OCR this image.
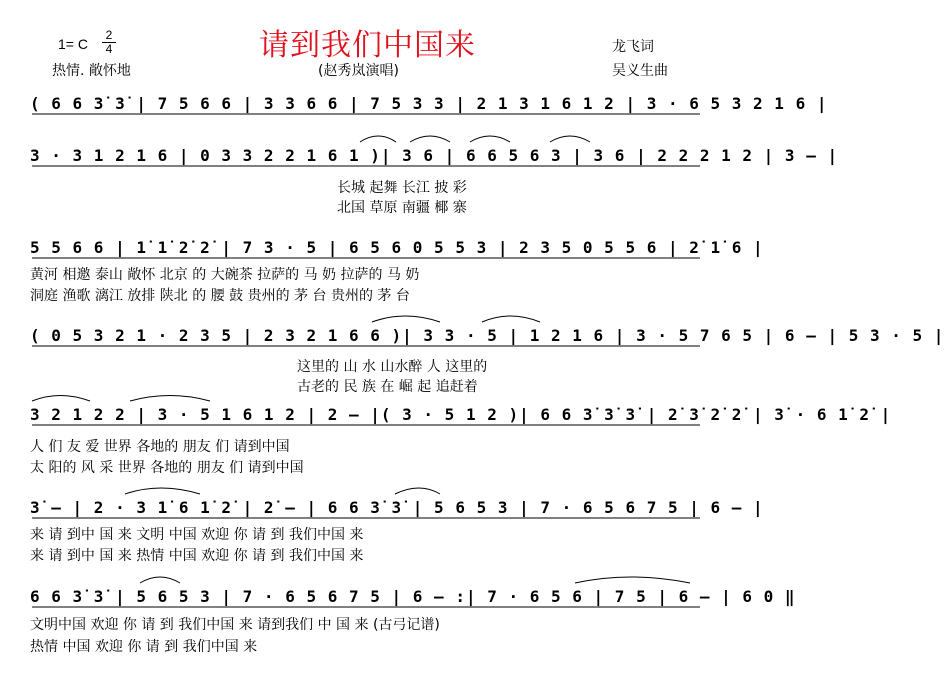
请到我们中国来
1= C
2
4
热情. 敞怀地	(赵秀岚演唱)
龙飞词
吴义生曲
( 6 6 3̇ 3̇ | 7 5 6 6 | 3 3 6 6 | 7 5 3 3 | 2 1 3 1 6 1 2 | 3 · 6 5 3 2 1 6 |
3 · 3 1 2 1 6 | 0 3 3 2 2 1 6 1 )| 3 6 | 6 6 5 6 3 | 3 6 | 2 2 2 1 2 | 3 – |
长城 起舞 长江 披 彩
北国 草原 南疆 椰 寨
5 5 6 6 | 1̇ 1̇ 2̇ 2̇ | 7 3 · 5 | 6 5 6 0 5 5 3 | 2 3 5 0 5 5 6 | 2̇ 1̇ 6 |
黄河 相邀 泰山 敞怀 北京 的 大碗茶 拉萨的 马 奶 拉萨的 马 奶
洞庭 渔歌 漓江 放排 陕北 的 腰 鼓 贵州的 茅 台 贵州的 茅 台
( 0 5 3 2 1 · 2 3 5 | 2 3 2 1 6 6 )| 3 3 · 5 | 1 2 1 6 | 3 · 5 7 6 5 | 6 – | 5 3 · 5 |
这里的 山 水 山水醉 人 这里的
古老的 民 族 在 崛 起 追赶着
3 2 1 2 2 | 3 · 5 1 6 1 2 | 2 – |( 3 · 5 1 2 )| 6 6 3̇ 3̇ 3̇ | 2̇ 3̇ 2̇ 2̇ | 3̇ · 6 1̇ 2̇ |
人 们 友 爱 世界 各地的 朋友 们 请到中国
太 阳的 风 采 世界 各地的 朋友 们 请到中国
3̇ – | 2 · 3 1̇ 6 1̇ 2̇ | 2̇ – | 6 6 3̇ 3̇ | 5 6 5 3 | 7 · 6 5 6 7 5 | 6 – |
来 请 到中 国 来 文明 中国 欢迎 你 请 到 我们中国 来
来 请 到中 国 来 热情 中国 欢迎 你 请 到 我们中国 来
6 6 3̇ 3̇ | 5 6 5 3 | 7 · 6 5 6 7 5 | 6 – :| 7 · 6 5 6 | 7 5 | 6 – | 6 0 ‖
文明中国 欢迎 你 请 到 我们中国 来 请到我们 中 国 来 (古弓记谱)
热情 中国 欢迎 你 请 到 我们中国 来
